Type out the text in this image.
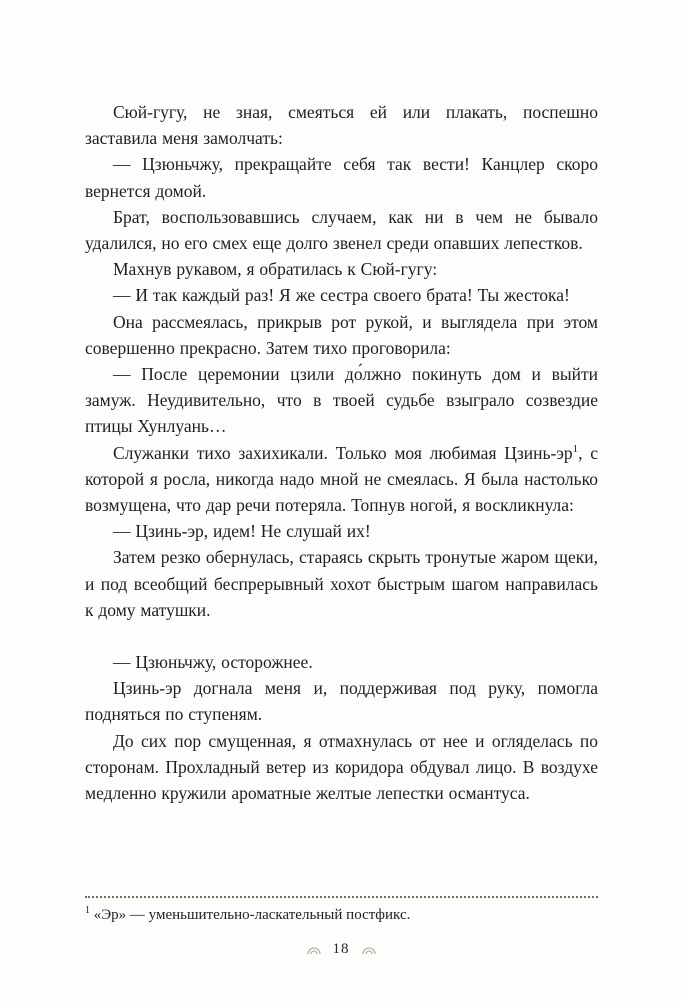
Сюй-гугу, не зная, смеяться ей или плакать, поспешно заставила меня замолчать:

— Цзюньчжу, прекращайте себя так вести! Канцлер скоро вернется домой.

Брат, воспользовавшись случаем, как ни в чем не бывало удалился, но его смех еще долго звенел среди опавших лепестков.

Махнув рукавом, я обратилась к Сюй-гугу:

— И так каждый раз! Я же сестра своего брата! Ты жестока!

Она рассмеялась, прикрыв рот рукой, и выглядела при этом совершенно прекрасно. Затем тихо проговорила:

— После церемонии цзили до́лжно покинуть дом и выйти замуж. Неудивительно, что в твоей судьбе взыграло созвездие птицы Хунлуань…

Служанки тихо захихикали. Только моя любимая Цзинь-$эр^1$, с которой я росла, никогда надо мной не смеялась. Я была настолько возмущена, что дар речи потеряла. Топнув ногой, я воскликнула:

— Цзинь-эр, идем! Не слушай их!

Затем резко обернулась, стараясь скрыть тронутые жаром щеки, и под всеобщий беспрерывный хохот быстрым шагом направилась к дому матушки.

— Цзюньчжу, осторожнее.

Цзинь-эр догнала меня и, поддерживая под руку, помогла подняться по ступеням.

До сих пор смущенная, я отмахнулась от нее и огляделась по сторонам. Прохладный ветер из коридора обдувал лицо. В воздухе медленно кружили ароматные желтые лепестки османтуса.

$^1$ «Эр» — уменьшительно-ласкательный постфикс.

18
